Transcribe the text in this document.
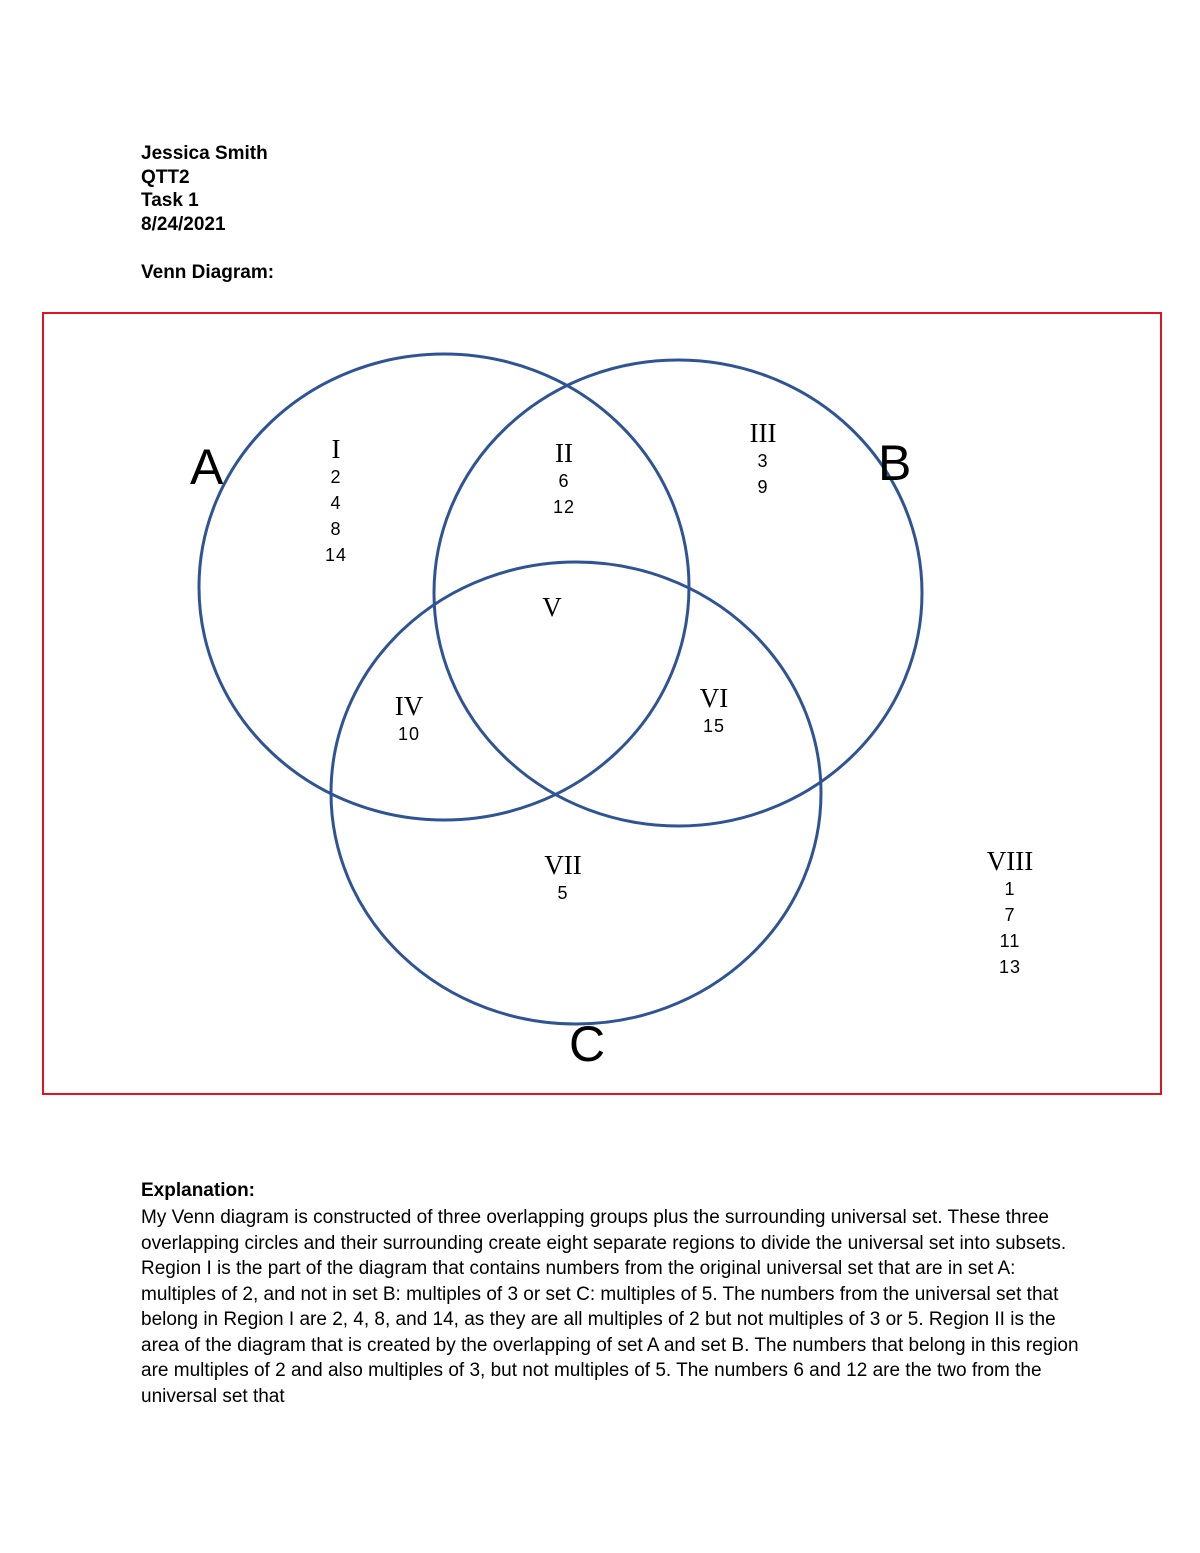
Jessica Smith
QTT2
Task 1
8/24/2021
Venn Diagram:
A	B
C
I
2
4
8
14
II
6
12
III
3
9
V
IV
10
VI
15
VII
5
VIII
1
7
11
13
Explanation:
My Venn diagram is constructed of three overlapping groups plus the surrounding universal set. These three overlapping circles and their surrounding create eight separate regions to divide the universal set into subsets. Region I is the part of the diagram that contains numbers from the original universal set that are in set A: multiples of 2, and not in set B: multiples of 3 or set C: multiples of 5. The numbers from the universal set that belong in Region I are 2, 4, 8, and 14, as they are all multiples of 2 but not multiples of 3 or 5. Region II is the area of the diagram that is created by the overlapping of set A and set B. The numbers that belong in this region are multiples of 2 and also multiples of 3, but not multiples of 5. The numbers 6 and 12 are the two from the universal set that
